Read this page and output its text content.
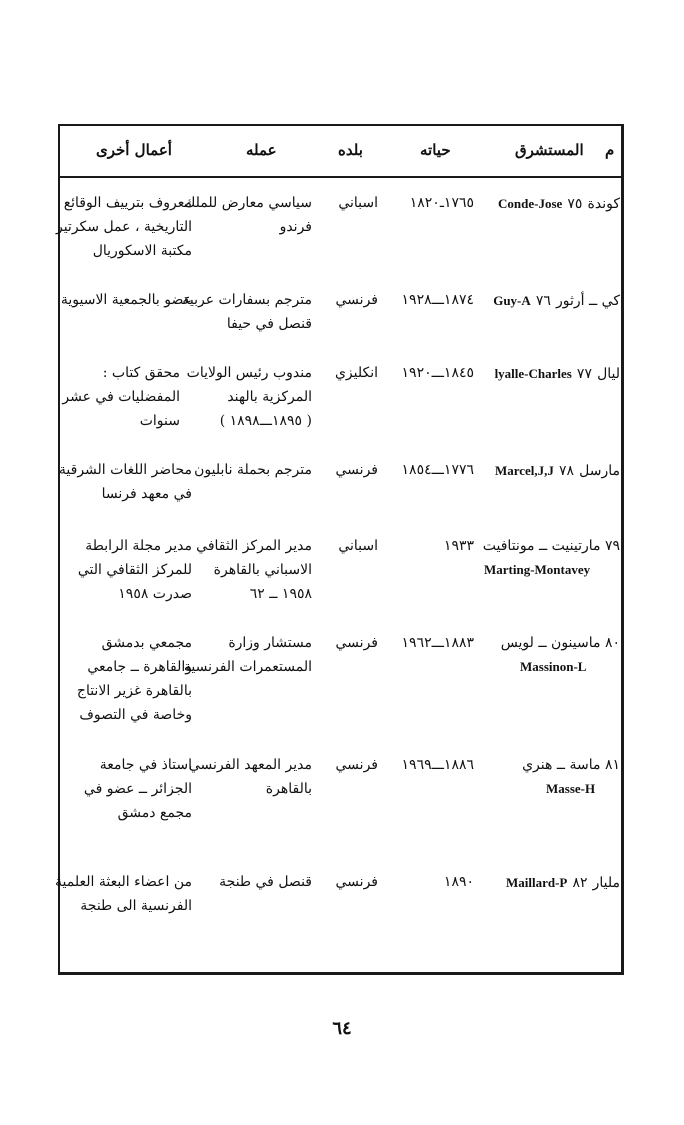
م
المستشرق
حياته
بلده
عمله
أعمال أخرى
Conde-Jose كوندة ٧٥
١٧٦٥ـ١٨٢٠
اسباني
سياسي معارض للملك
فرندو
معروف بترييف الوقائع
التاريخية ، عمل سكرتير
مكتبة الاسكوريال
Guy-A كي ــ أرثور ٧٦
١٨٧٤ـــ١٩٢٨
فرنسي
مترجم بسفارات عربية
قنصل في حيفا
عضو بالجمعية الاسيوية
lyalle-Charles ليال ٧٧
١٨٤٥ـــ١٩٢٠
انكليزي
مندوب رئيس الولايات
المركزية بالهند
( ١٨٩٥ـــ١٨٩٨ )
محقق كتاب :
المفضليات في عشر
سنوات
Marcel,J,J مارسل ٧٨
١٧٧٦ـــ١٨٥٤
فرنسي
مترجم بحملة نابليون
محاضر اللغات الشرقية
في معهد فرنسا
٧٩ مارتينيت ــ مونتافيت
Marting-Montavey
١٩٣٣
اسباني
مدير المركز الثقافي
الاسباني بالقاهرة
١٩٥٨ ــ ٦٢
مدير مجلة الرابطة
للمركز الثقافي التي
صدرت ١٩٥٨
٨٠ ماسينون ــ لويس
Massinon-L
١٨٨٣ـــ١٩٦٢
فرنسي
مستشار وزارة
المستعمرات الفرنسية
مجمعي بدمشق
والقاهرة ــ جامعي
بالقاهرة غزير الانتاج
وخاصة في التصوف
٨١ ماسة ــ هنري
Masse-H
١٨٨٦ـــ١٩٦٩
فرنسي
مدير المعهد الفرنسي
بالقاهرة
استاذ في جامعة
الجزائر ــ عضو في
مجمع دمشق
Maillard-P مليار ٨٢
١٨٩٠
فرنسي
قنصل في طنجة
من اعضاء البعثة العلمية
الفرنسية الى طنجة
٦٤
